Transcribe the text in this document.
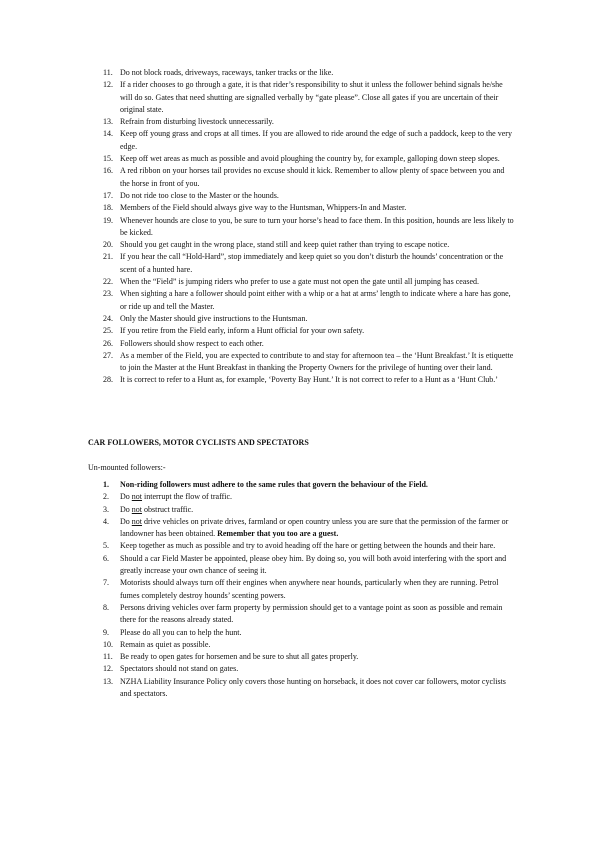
11. Do not block roads, driveways, raceways, tanker tracks or the like.
12. If a rider chooses to go through a gate, it is that rider’s responsibility to shut it unless the follower behind signals he/she will do so. Gates that need shutting are signalled verbally by “gate please”. Close all gates if you are uncertain of their original state.
13. Refrain from disturbing livestock unnecessarily.
14. Keep off young grass and crops at all times. If you are allowed to ride around the edge of such a paddock, keep to the very edge.
15. Keep off wet areas as much as possible and avoid ploughing the country by, for example, galloping down steep slopes.
16. A red ribbon on your horses tail provides no excuse should it kick. Remember to allow plenty of space between you and the horse in front of you.
17. Do not ride too close to the Master or the hounds.
18. Members of the Field should always give way to the Huntsman, Whippers-In and Master.
19. Whenever hounds are close to you, be sure to turn your horse’s head to face them. In this position, hounds are less likely to be kicked.
20. Should you get caught in the wrong place, stand still and keep quiet rather than trying to escape notice.
21. If you hear the call “Hold-Hard”, stop immediately and keep quiet so you don’t disturb the hounds’ concentration or the scent of a hunted hare.
22. When the “Field” is jumping riders who prefer to use a gate must not open the gate until all jumping has ceased.
23. When sighting a hare a follower should point either with a whip or a hat at arms’ length to indicate where a hare has gone, or ride up and tell the Master.
24. Only the Master should give instructions to the Huntsman.
25. If you retire from the Field early, inform a Hunt official for your own safety.
26. Followers should show respect to each other.
27. As a member of the Field, you are expected to contribute to and stay for afternoon tea – the ‘Hunt Breakfast.’ It is etiquette to join the Master at the Hunt Breakfast in thanking the Property Owners for the privilege of hunting over their land.
28. It is correct to refer to a Hunt as, for example, ‘Poverty Bay Hunt.’ It is not correct to refer to a Hunt as a ‘Hunt Club.’

CAR FOLLOWERS, MOTOR CYCLISTS AND SPECTATORS

Un-mounted followers:-

1. Non-riding followers must adhere to the same rules that govern the behaviour of the Field.
2. Do not interrupt the flow of traffic.
3. Do not obstruct traffic.
4. Do not drive vehicles on private drives, farmland or open country unless you are sure that the permission of the farmer or landowner has been obtained. Remember that you too are a guest.
5. Keep together as much as possible and try to avoid heading off the hare or getting between the hounds and their hare.
6. Should a car Field Master be appointed, please obey him. By doing so, you will both avoid interfering with the sport and greatly increase your own chance of seeing it.
7. Motorists should always turn off their engines when anywhere near hounds, particularly when they are running. Petrol fumes completely destroy hounds’ scenting powers.
8. Persons driving vehicles over farm property by permission should get to a vantage point as soon as possible and remain there for the reasons already stated.
9. Please do all you can to help the hunt.
10. Remain as quiet as possible.
11. Be ready to open gates for horsemen and be sure to shut all gates properly.
12. Spectators should not stand on gates.
13. NZHA Liability Insurance Policy only covers those hunting on horseback, it does not cover car followers, motor cyclists and spectators.
